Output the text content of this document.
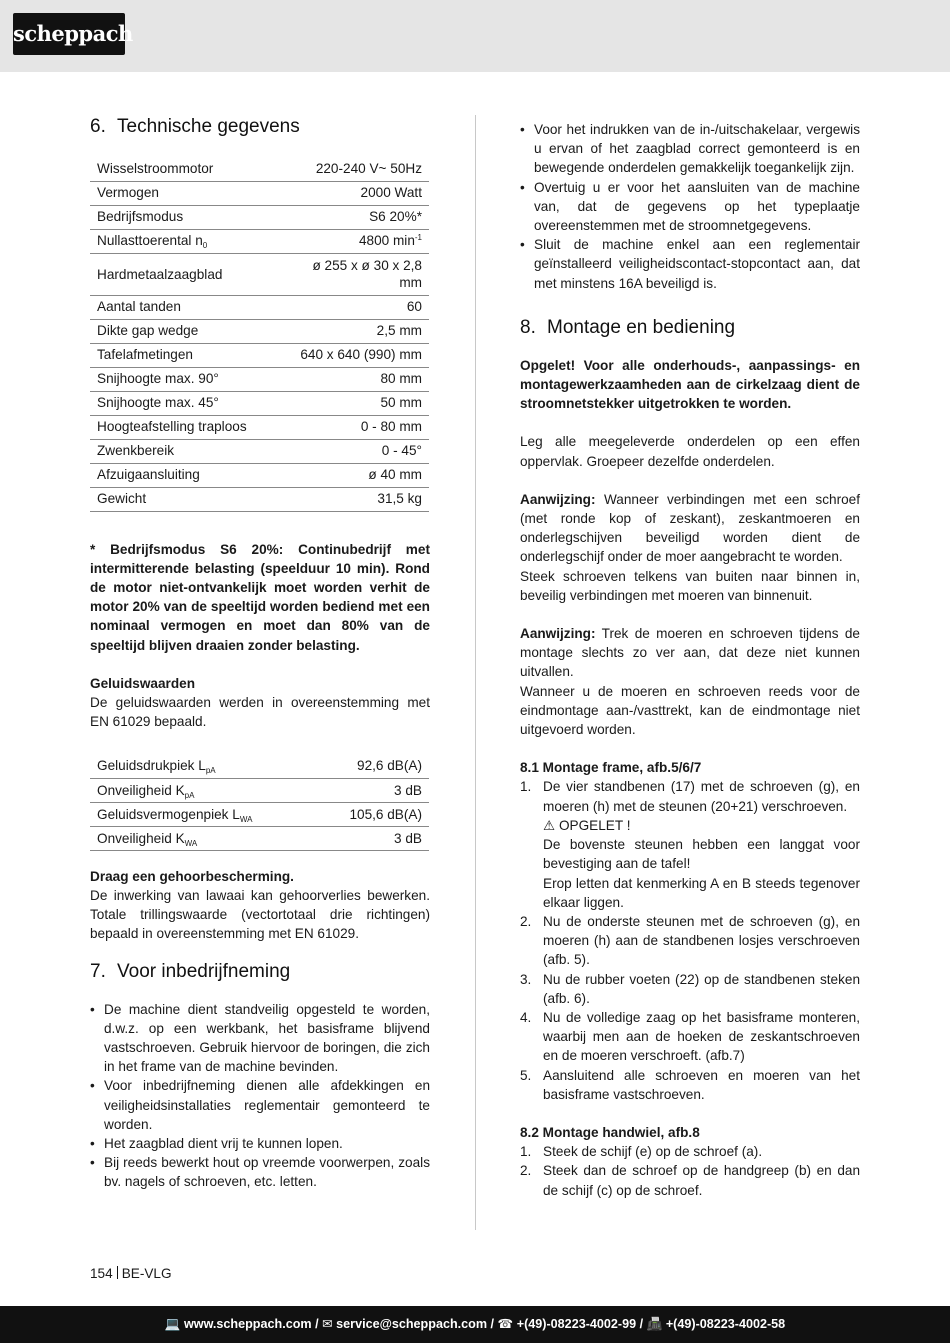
scheppach
6. Technische gegevens
Wisselstroommotor	220-240 V~ 50Hz
Vermogen	2000 Watt
Bedrijfsmodus	S6 20%*
Nullasttoerental $n_0$	4800 $\min^{-1}$
Hardmetaalzaagblad	ø 255 x ø 30 x 2,8
mm
Aantal tanden	60
Dikte gap wedge	2,5 mm
Tafelafmetingen	640 x 640 (990) mm
Snijhoogte max. 90°	80 mm
Snijhoogte max. 45°	50 mm
Hoogteafstelling traploos	0 - 80 mm
Zwenkbereik	0 - 45°
Afzuigaansluiting	ø 40 mm
Gewicht	31,5 kg

* Bedrijfsmodus S6 20%: Continubedrijf met intermitterende belasting (speelduur 10 min). Rond de motor niet-ontvankelijk moet worden verhit de motor 20% van de speeltijd worden bediend met een nominaal vermogen en moet dan 80% van de speeltijd blijven draaien zonder belasting.

Geluidswaarden

De geluidswaarden werden in overeenstemming met EN 61029 bepaald.

Geluidsdrukpiek $L_{pA}$	92,6 dB(A)
Onveiligheid $K_{pA}$	3 dB
Geluidsvermogenpiek $L_{WA}$	105,6 dB(A)
Onveiligheid $K_{WA}$	3 dB

Draag een gehoorbescherming.

De inwerking van lawaai kan gehoorverlies bewerken. Totale trillingswaarde (vectortotaal drie richtingen) bepaald in overeenstemming met EN 61029.

7. Voor inbedrijfneming
• De machine dient standveilig opgesteld te worden, d.w.z. op een werkbank, het basisframe blijvend vastschroeven. Gebruik hiervoor de boringen, die zich in het frame van de machine bevinden.
• Voor inbedrijfneming dienen alle afdekkingen en veiligheidsinstallaties reglementair gemonteerd te worden.
• Het zaagblad dient vrij te kunnen lopen.
• Bij reeds bewerkt hout op vreemde voorwerpen, zoals bv. nagels of schroeven, etc. letten.
• Voor het indrukken van de in-/uitschakelaar, vergewis u ervan of het zaagblad correct gemonteerd is en bewegende onderdelen gemakkelijk toegankelijk zijn.
• Overtuig u er voor het aansluiten van de machine van, dat de gegevens op het typeplaatje overeenstemmen met de stroomnetgegevens.
• Sluit de machine enkel aan een reglementair geïnstalleerd veiligheidscontact-stopcontact aan, dat met minstens 16A beveiligd is.
8. Montage en bediening

Opgelet! Voor alle onderhouds-, aanpassings- en montagewerkzaamheden aan de cirkelzaag dient de stroomnetstekker uitgetrokken te worden.

Leg alle meegeleverde onderdelen op een effen oppervlak. Groepeer dezelfde onderdelen.

Aanwijzing: Wanneer verbindingen met een schroef (met ronde kop of zeskant), zeskantmoeren en onderlegschijven beveiligd worden dient de onderlegschijf onder de moer aangebracht te worden.

Steek schroeven telkens van buiten naar binnen in, beveilig verbindingen met moeren van binnenuit.

Aanwijzing: Trek de moeren en schroeven tijdens de montage slechts zo ver aan, dat deze niet kunnen uitvallen.

Wanneer u de moeren en schroeven reeds voor de eindmontage aan-/vasttrekt, kan de eindmontage niet uitgevoerd worden.

8.1 Montage frame, afb.5/6/7

1. De vier standbenen (17) met de schroeven (g), en moeren (h) met de steunen (20+21) verschroeven.
⚠ OPGELET !
De bovenste steunen hebben een langgat voor bevestiging aan de tafel!
Erop letten dat kenmerking A en B steeds tegenover elkaar liggen.
2. Nu de onderste steunen met de schroeven (g), en moeren (h) aan de standbenen losjes verschroeven (afb. 5).
3. Nu de rubber voeten (22) op de standbenen steken (afb. 6).
4. Nu de volledige zaag op het basisframe monteren, waarbij men aan de hoeken de zeskantschroeven en de moeren verschroeft. (afb.7)
5. Aansluitend alle schroeven en moeren van het basisframe vastschroeven.

8.2 Montage handwiel, afb.8

1. Steek de schijf (e) op de schroef (a).
2. Steek dan de schroef op de handgreep (b) en dan de schijf (c) op de schroef.
154 BE-VLG
💻 www.scheppach.com / ✉ service@scheppach.com / ☎ +(49)-08223-4002-99 / 📠 +(49)-08223-4002-58
